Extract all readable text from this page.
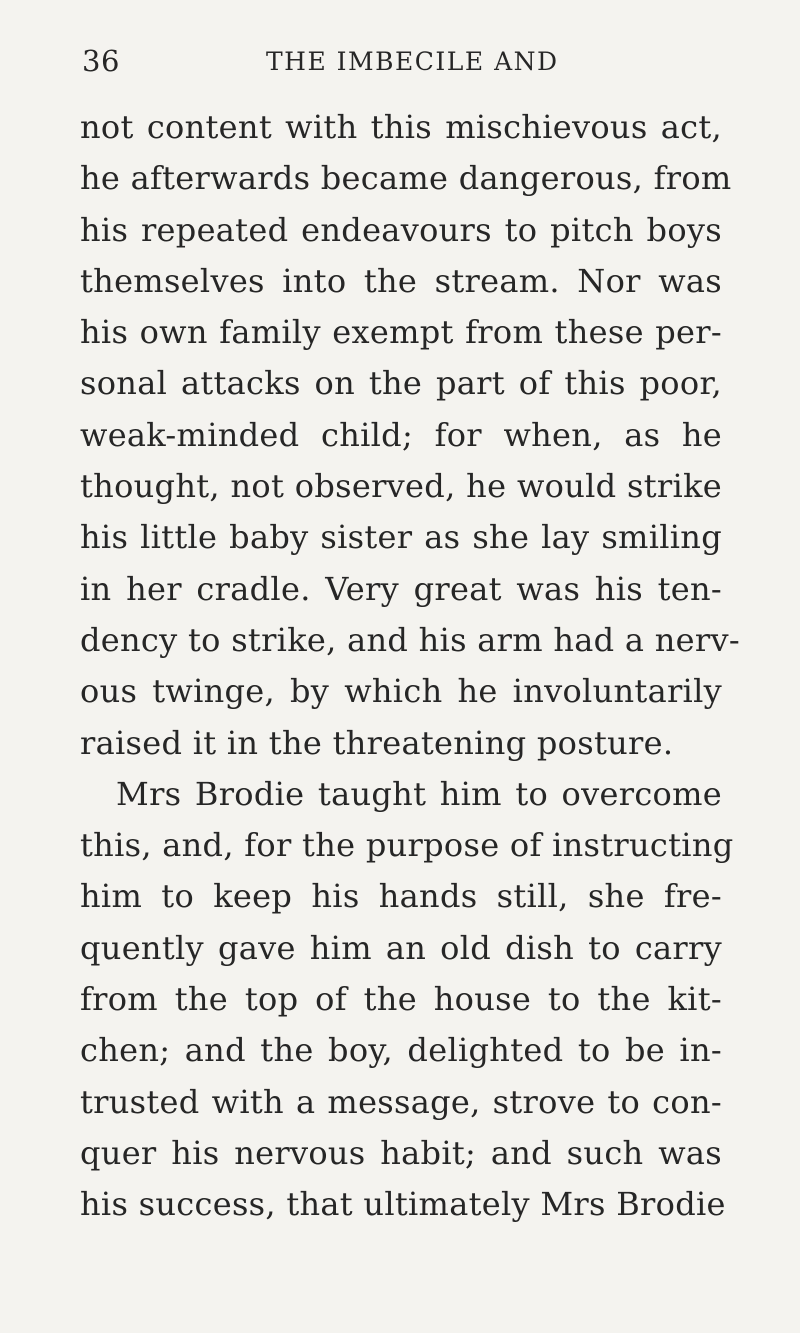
36	THE IMBECILE AND
not content with this mischievous act,
he afterwards became dangerous, from
his repeated endeavours to pitch boys
themselves into the stream. Nor was
his own family exempt from these per-
sonal attacks on the part of this poor,
weak-minded child; for when, as he
thought, not observed, he would strike
his little baby sister as she lay smiling
in her cradle. Very great was his ten-
dency to strike, and his arm had a nerv-
ous twinge, by which he involuntarily
raised it in the threatening posture.
Mrs Brodie taught him to overcome
this, and, for the purpose of instructing
him to keep his hands still, she fre-
quently gave him an old dish to carry
from the top of the house to the kit-
chen; and the boy, delighted to be in-
trusted with a message, strove to con-
quer his nervous habit; and such was
his success, that ultimately Mrs Brodie
